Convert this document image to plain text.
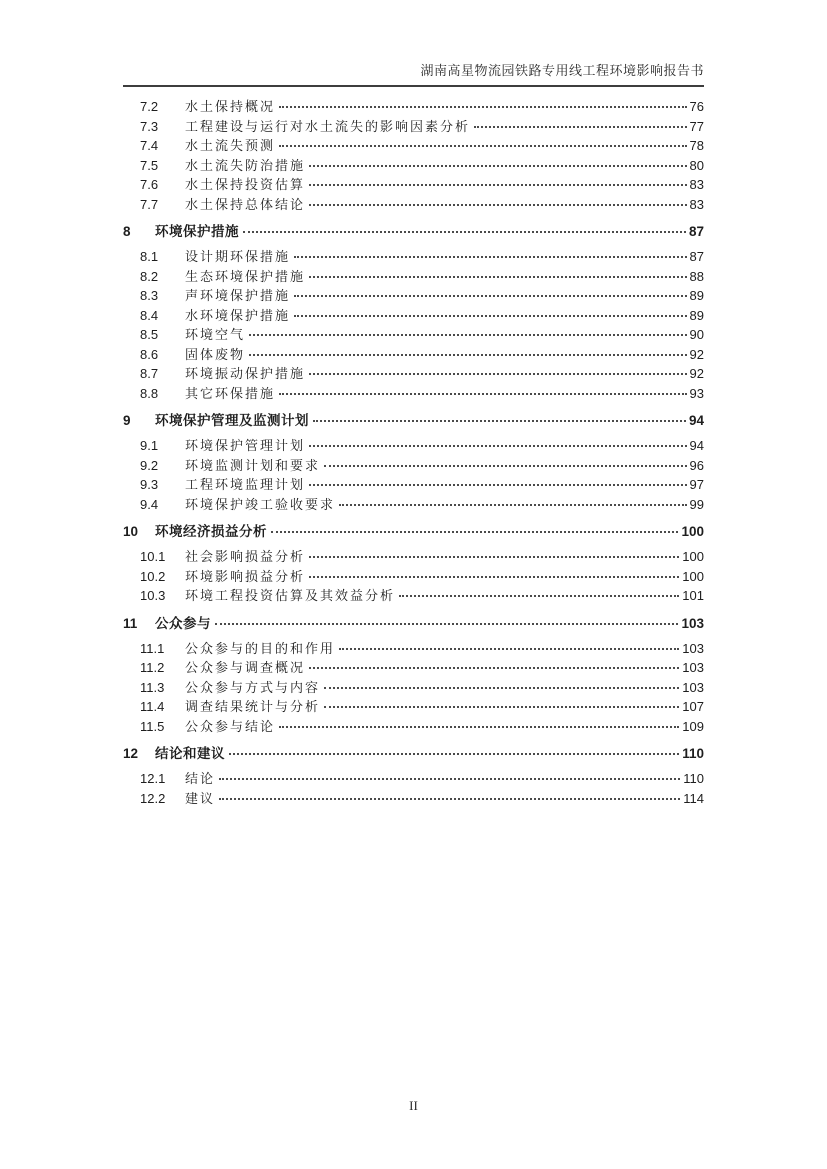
湖南高星物流园铁路专用线工程环境影响报告书
7.2	水土保持概况	76
7.3	工程建设与运行对水土流失的影响因素分析	77
7.4	水土流失预测	78
7.5	水土流失防治措施	80
7.6	水土保持投资估算	83
7.7	水土保持总体结论	83
8	环境保护措施	87
8.1	设计期环保措施	87
8.2	生态环境保护措施	88
8.3	声环境保护措施	89
8.4	水环境保护措施	89
8.5	环境空气	90
8.6	固体废物	92
8.7	环境振动保护措施	92
8.8	其它环保措施	93
9	环境保护管理及监测计划	94
9.1	环境保护管理计划	94
9.2	环境监测计划和要求	96
9.3	工程环境监理计划	97
9.4	环境保护竣工验收要求	99
10	环境经济损益分析	100
10.1	社会影响损益分析	100
10.2	环境影响损益分析	100
10.3	环境工程投资估算及其效益分析	101
11	公众参与	103
11.1	公众参与的目的和作用	103
11.2	公众参与调查概况	103
11.3	公众参与方式与内容	103
11.4	调查结果统计与分析	107
11.5	公众参与结论	109
12	结论和建议	110
12.1	结论	110
12.2	建议	114
II
